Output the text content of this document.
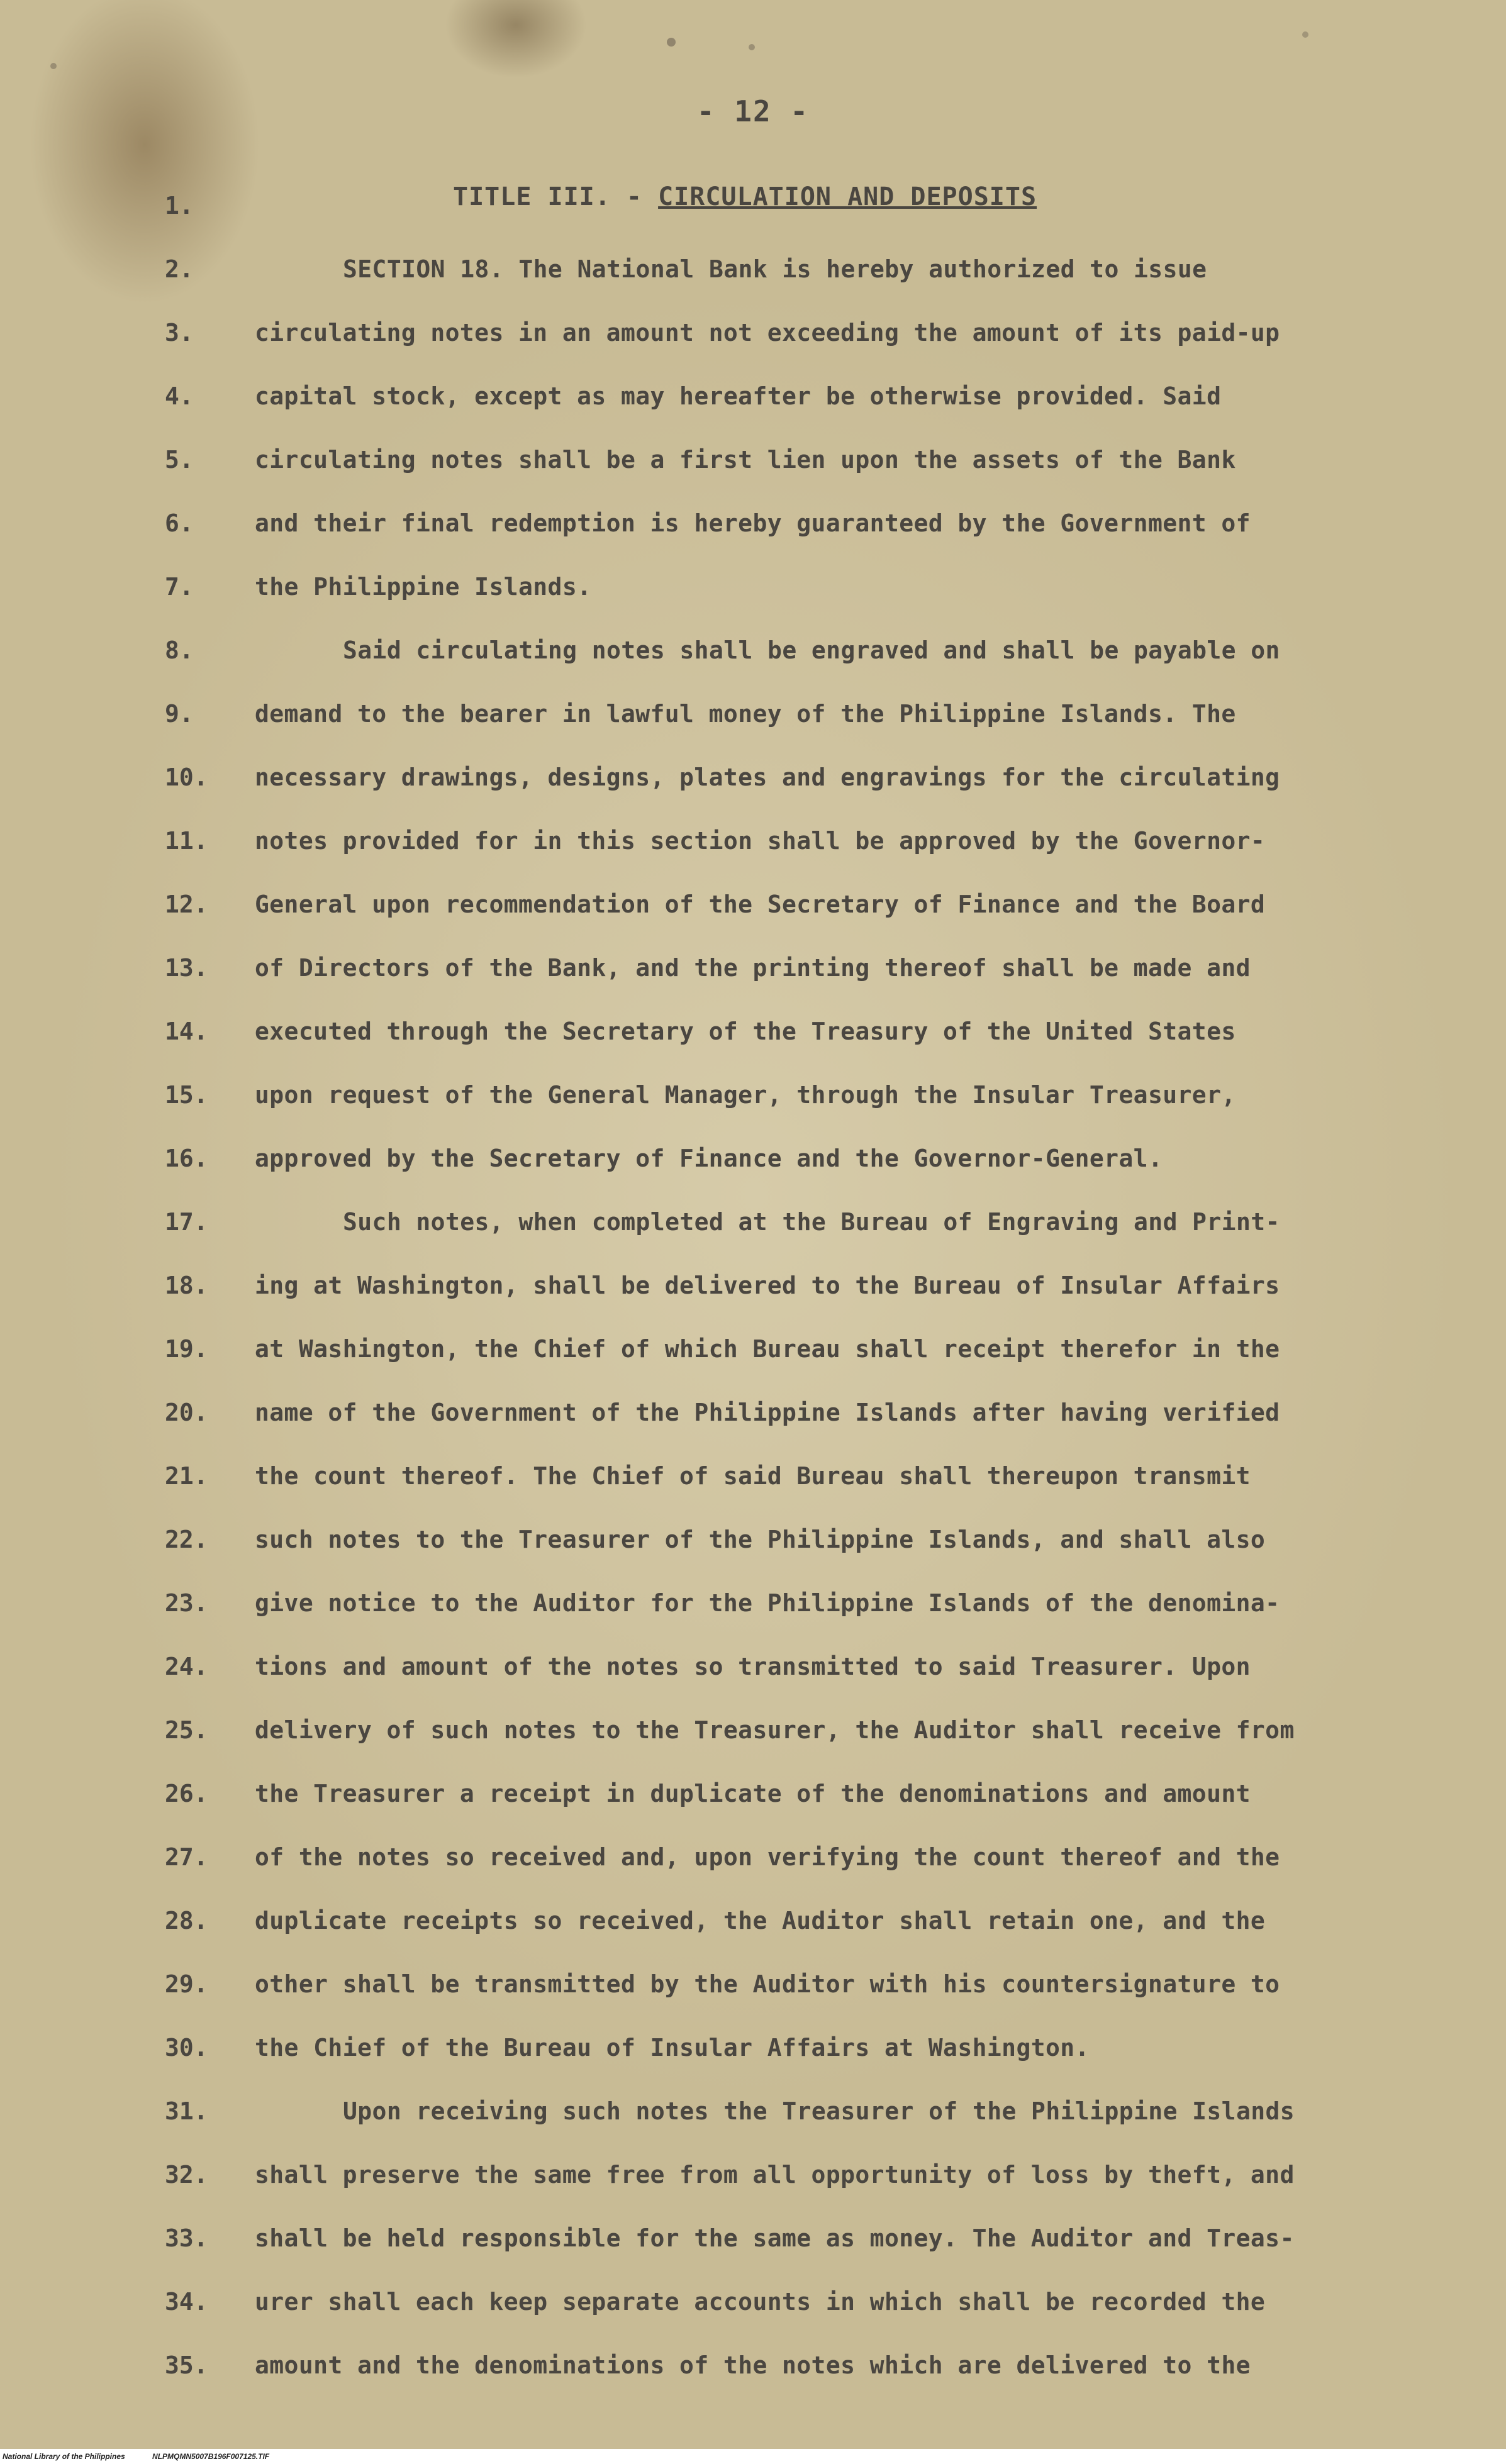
- 12 -
TITLE III. - CIRCULATION AND DEPOSITS
1.
2.	SECTION 18. The National Bank is hereby authorized to issue
3.	circulating notes in an amount not exceeding the amount of its paid-up
4.	capital stock, except as may hereafter be otherwise provided. Said
5.	circulating notes shall be a first lien upon the assets of the Bank
6.	and their final redemption is hereby guaranteed by the Government of
7.	the Philippine Islands.
8.	Said circulating notes shall be engraved and shall be payable on
9.	demand to the bearer in lawful money of the Philippine Islands. The
10.	necessary drawings, designs, plates and engravings for the circulating
11.	notes provided for in this section shall be approved by the Governor-
12.	General upon recommendation of the Secretary of Finance and the Board
13.	of Directors of the Bank, and the printing thereof shall be made and
14.	executed through the Secretary of the Treasury of the United States
15.	upon request of the General Manager, through the Insular Treasurer,
16.	approved by the Secretary of Finance and the Governor-General.
17.	Such notes, when completed at the Bureau of Engraving and Print-
18.	ing at Washington, shall be delivered to the Bureau of Insular Affairs
19.	at Washington, the Chief of which Bureau shall receipt therefor in the
20.	name of the Government of the Philippine Islands after having verified
21.	the count thereof. The Chief of said Bureau shall thereupon transmit
22.	such notes to the Treasurer of the Philippine Islands, and shall also
23.	give notice to the Auditor for the Philippine Islands of the denomina-
24.	tions and amount of the notes so transmitted to said Treasurer. Upon
25.	delivery of such notes to the Treasurer, the Auditor shall receive from
26.	the Treasurer a receipt in duplicate of the denominations and amount
27.	of the notes so received and, upon verifying the count thereof and the
28.	duplicate receipts so received, the Auditor shall retain one, and the
29.	other shall be transmitted by the Auditor with his countersignature to
30.	the Chief of the Bureau of Insular Affairs at Washington.
31.	Upon receiving such notes the Treasurer of the Philippine Islands
32.	shall preserve the same free from all opportunity of loss by theft, and
33.	shall be held responsible for the same as money. The Auditor and Treas-
34.	urer shall each keep separate accounts in which shall be recorded the
35.	amount and the denominations of the notes which are delivered to the
National Library of the Philippines	NLPMQMN5007B196F007125.TIF
